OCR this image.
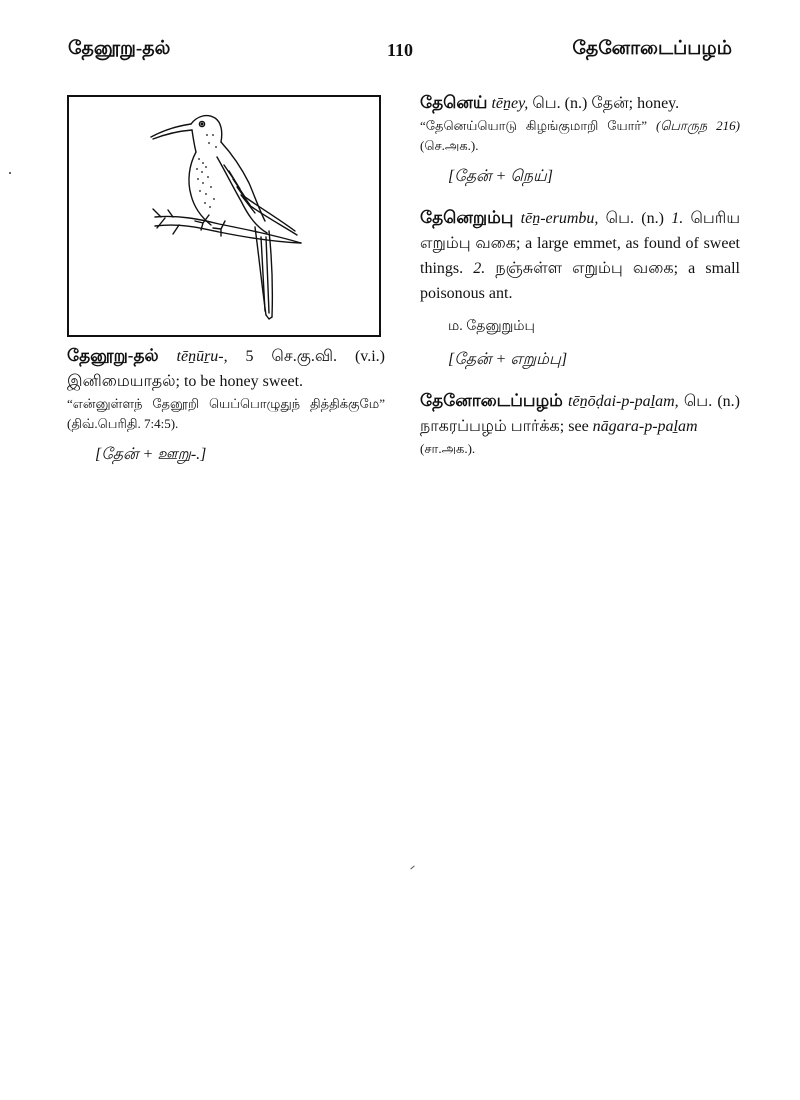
தேனூறு-தல்	110	தேனோடைப்பழம்

தேனூறு-தல் tēṉūṟu-, 5 செ.கு.வி. (v.i.) இனிமையாதல்; to be honey sweet.

“என்னுள்ளந் தேனூறி யெப்பொழுதுந் தித்திக்குமே” (திவ்.பெரிதி. 7:4:5).

[தேன் + ஊறு-.]

தேனெய் tēṉey, பெ. (n.) தேன்; honey.

“தேனெய்யொடு கிழங்குமாறி யோர்” (பொருந 216) (செ.அக.).

[தேன் + நெய்]

தேனெறும்பு tēṉ-erumbu, பெ. (n.) 1. பெரிய எறும்பு வகை; a large emmet, as found of sweet things. 2. நஞ்சுள்ள எறும்பு வகை; a small poisonous ant.

ம. தேனுறும்பு
[தேன் + எறும்பு]

தேனோடைப்பழம் tēṉōḍai-p-paḻam, பெ. (n.) நாகரப்பழம் பார்க்க; see nāgara-p-paḻam

(சா.அக.).
